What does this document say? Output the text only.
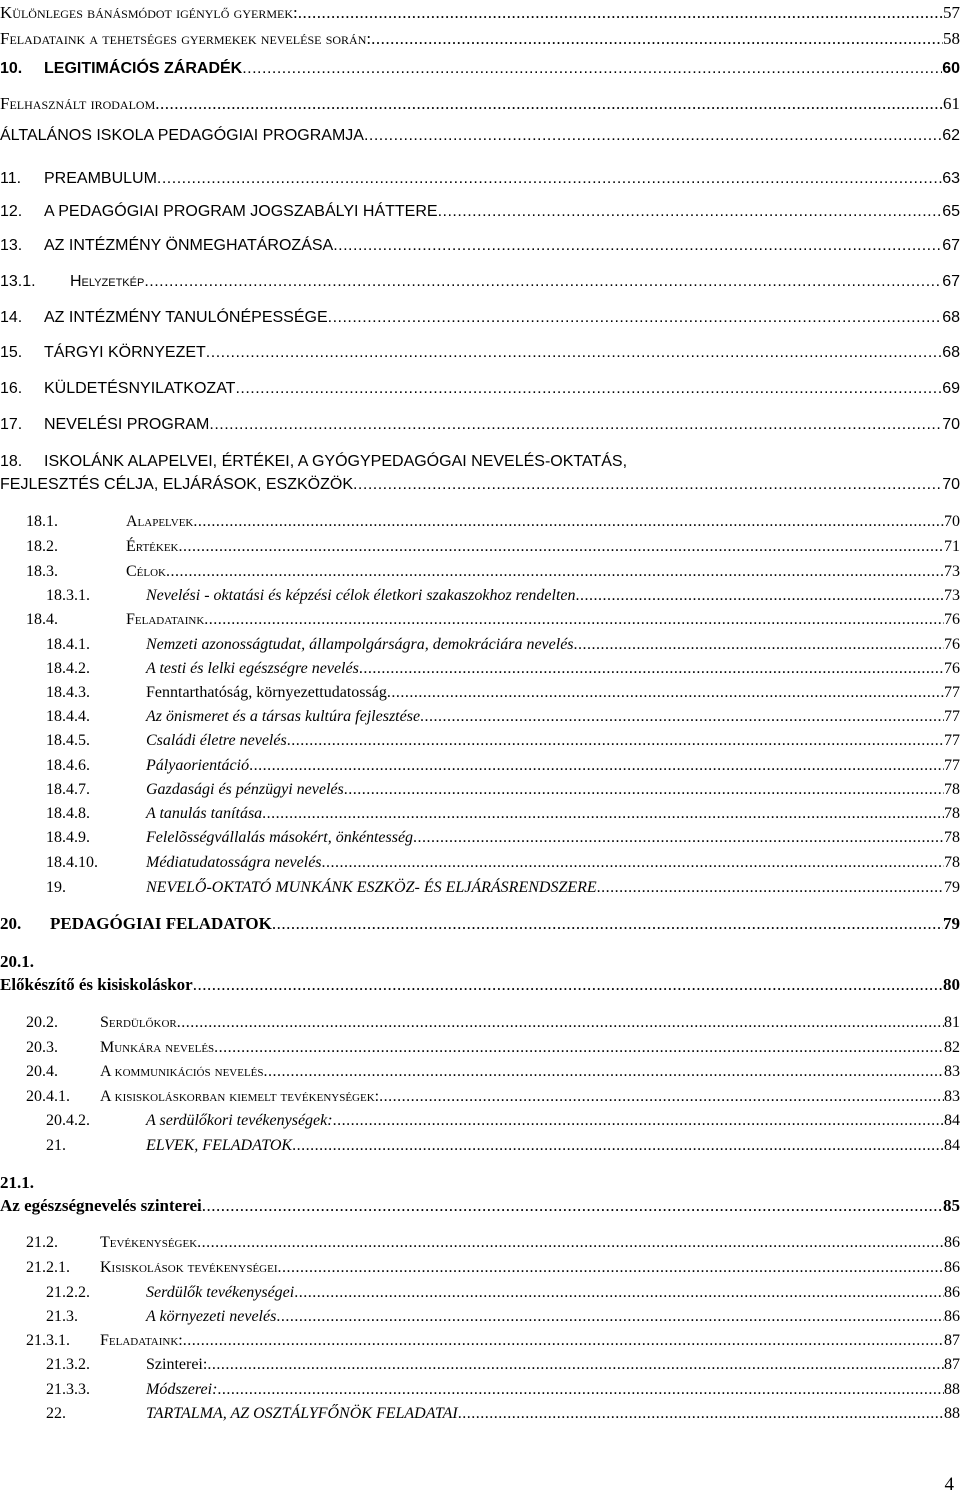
Különleges bánásmódot igénylő gyermek: .....	57
Feladataink a tehetséges gyermekek nevelése során: .....	58
10.	LEGITIMÁCIÓS ZÁRADÉK .....	60
Felhasznált irodalom .....	61
ÁLTALÁNOS ISKOLA PEDAGÓGIAI PROGRAMJA .....	62
11.	PREAMBULUM .....	63
12.	A PEDAGÓGIAI PROGRAM JOGSZABÁLYI HÁTTERE .....	65
13.	AZ INTÉZMÉNY ÖNMEGHATÁROZÁSA .....	67
13.1.	Helyzetkép .....	67
14.	AZ INTÉZMÉNY TANULÓNÉPESSÉGE .....	68
15.	TÁRGYI KÖRNYEZET .....	68
16.	KÜLDETÉSNYILATKOZAT .....	69
17.	NEVELÉSI PROGRAM .....	70
18.	ISKOLÁNK ALAPELVEI, ÉRTÉKEI, A GYÓGYPEDAGÓGAI NEVELÉS-OKTATÁS,
FEJLESZTÉS CÉLJA, ELJÁRÁSOK, ESZKÖZÖK .....	70
18.1.	Alapelvek .....	70
18.2.	Értékek .....	71
18.3.	Célok .....	73
18.3.1.	Nevelési - oktatási és képzési célok életkori szakaszokhoz rendelten .....	73
18.4.	Feladataink .....	76
18.4.1.	Nemzeti azonosságtudat, állampolgárságra, demokráciára nevelés .....	76
18.4.2.	A testi és lelki egészségre nevelés .....	76
18.4.3.	Fenntarthatóság, környezettudatosság .....	77
18.4.4.	Az önismeret és a társas kultúra fejlesztése .....	77
18.4.5.	Családi életre nevelés .....	77
18.4.6.	Pályaorientáció .....	77
18.4.7.	Gazdasági és pénzügyi nevelés .....	78
18.4.8.	A tanulás tanítása .....	78
18.4.9.	Felelõsségvállalás másokért, önkéntesség .....	78
18.4.10.	Médiatudatosságra nevelés .....	78
19.	NEVELŐ-OKTATÓ MUNKÁNK ESZKÖZ- ÉS ELJÁRÁSRENDSZERE .....	79
20.	PEDAGÓGIAI FELADATOK .....	79
20.1.
Előkészítő és kisiskoláskor .....	80
20.2.	Serdülőkor .....	81
20.3.	Munkára nevelés .....	82
20.4.	A kommunikációs nevelés .....	83
20.4.1.	A kisiskoláskorban kiemelt tevékenységek: .....	83
20.4.2.	A serdülőkori tevékenységek: .....	84
21.	ELVEK, FELADATOK .....	84
21.1.
Az egészségnevelés szinterei .....	85
21.2.	Tevékenységek .....	86
21.2.1.	Kisiskolások tevékenységei .....	86
21.2.2.	Serdülők tevékenységei .....	86
21.3.	A környezeti nevelés .....	86
21.3.1.	Feladataink: .....	87
21.3.2.	Szinterei: .....	87
21.3.3.	Módszerei: .....	88
22.	TARTALMA, AZ OSZTÁLYFŐNÖK FELADATAI .....	88
4
